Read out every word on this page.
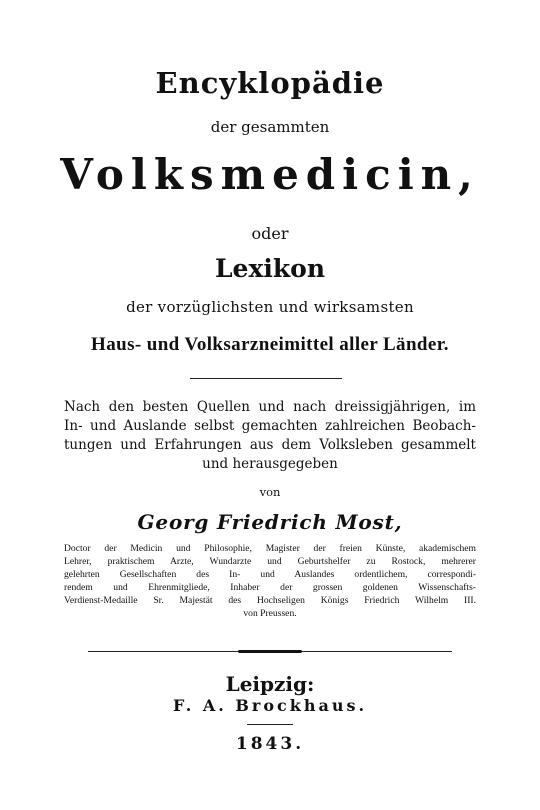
Encyklopädie
der gesammten
Volksmedicin,
oder
Lexikon
der vorzüglichsten und wirksamsten
Haus- und Volksarzneimittel aller Länder.
Nach den besten Quellen und nach dreissigjährigen, im
In- und Auslande selbst gemachten zahlreichen Beobach-
tungen und Erfahrungen aus dem Volksleben gesammelt
und herausgegeben
von
Georg Friedrich Most,
Doctor der Medicin und Philosophie, Magister der freien Künste, akademischem
Lehrer, praktischem Arzte, Wundarzte und Geburtshelfer zu Rostock, mehrerer
gelehrten Gesellschaften des In- und Auslandes ordentlichem, correspondi-
rendem und Ehrenmitgliede, Inhaber der grossen goldenen Wissenschafts-
Verdienst-Medaille Sr. Majestät des Hochseligen Königs Friedrich Wilhelm III.
von Preussen.
Leipzig:
F. A. Brockhaus.
1843.
